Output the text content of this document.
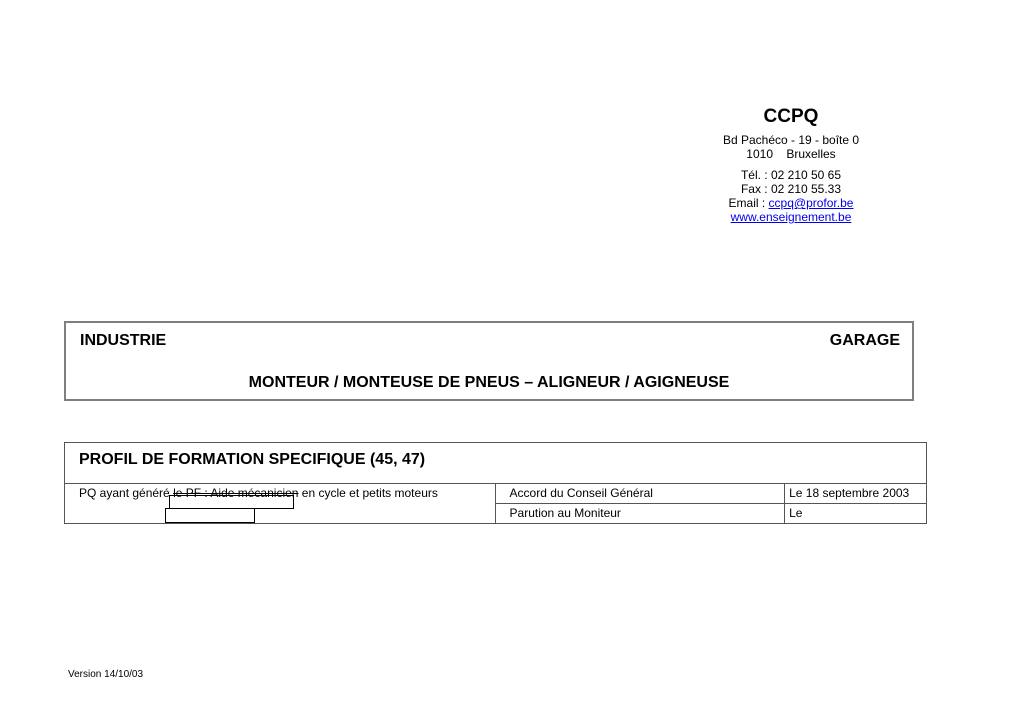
CCPQ
Bd Pachéco - 19 - boîte 0
1010    Bruxelles
Tél. : 02 210 50 65
Fax : 02 210 55.33
Email : ccpq@profor.be
www.enseignement.be
INDUSTRIE	GARAGE
MONTEUR / MONTEUSE DE PNEUS – ALIGNEUR / AGIGNEUSE
PROFIL DE FORMATION SPECIFIQUE (45, 47)		
PQ ayant généré le PF : Aide mécanicien en cycle et petits moteurs	Accord du Conseil Général	Le 18 septembre 2003
	Parution au Moniteur	Le
Version 14/10/03
